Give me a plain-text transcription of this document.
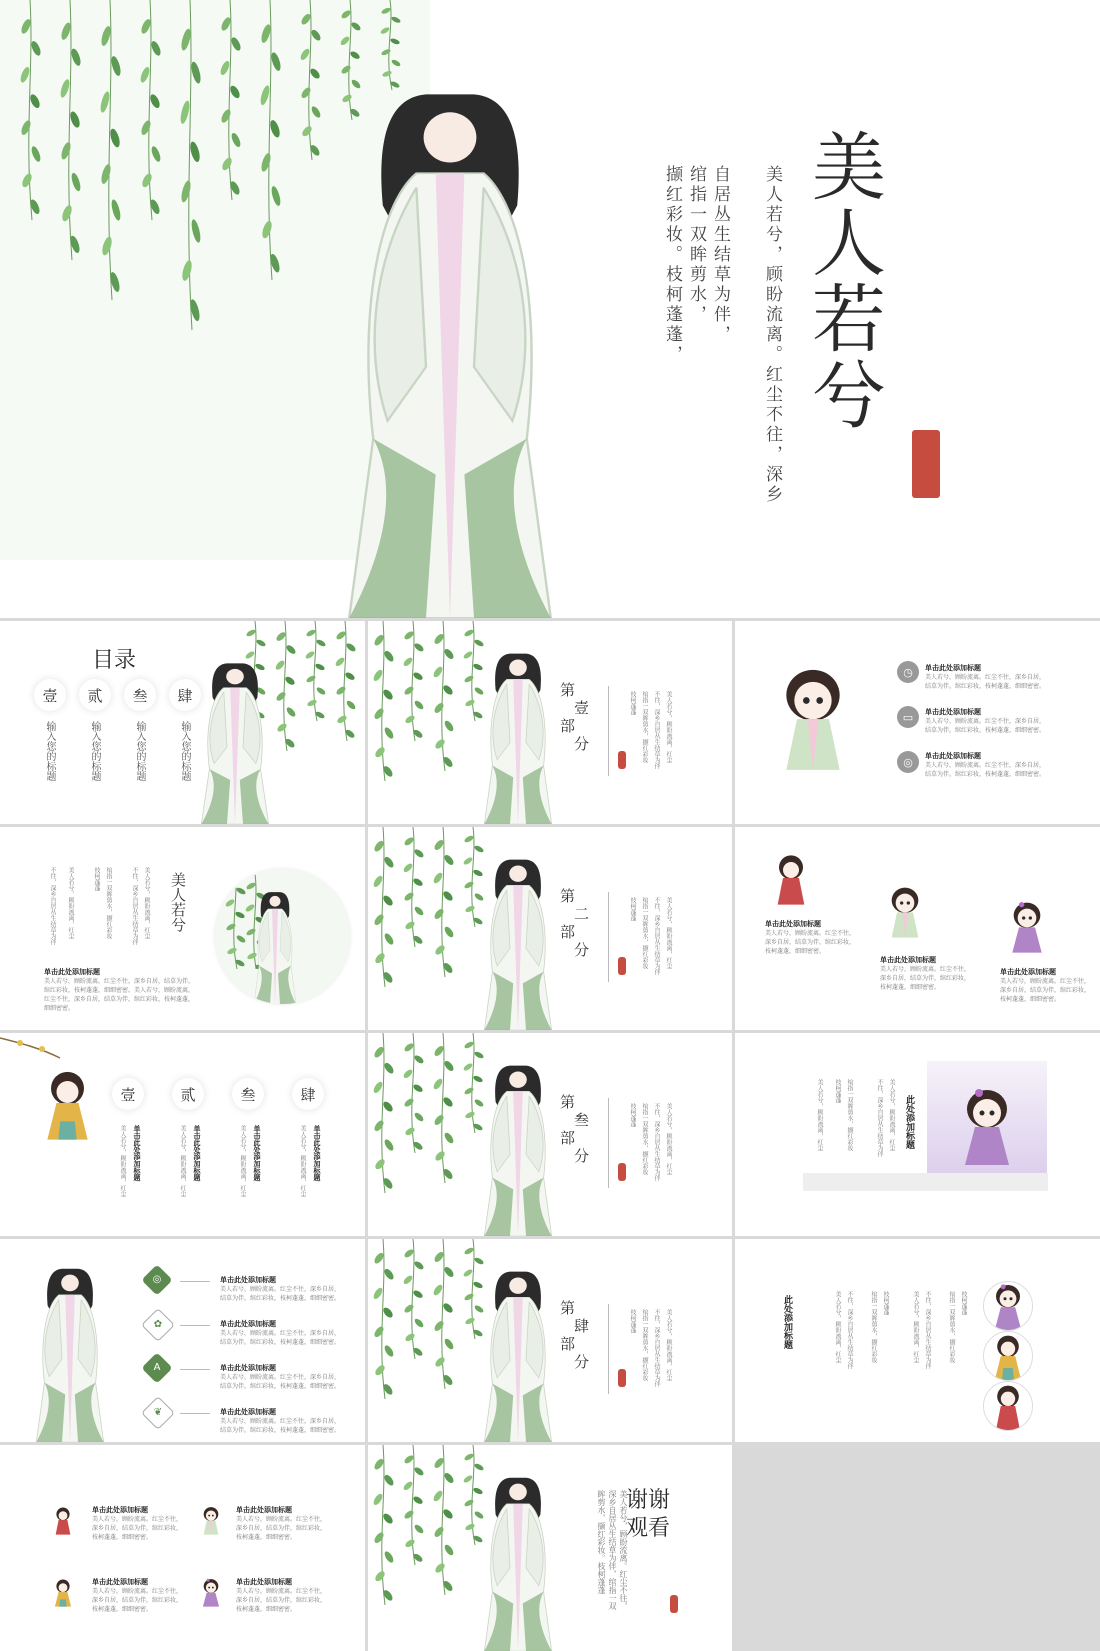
美人若兮
美人若兮，顾盼流离。红尘不往，深乡
自居丛生结草为伴，
绾指一双眸剪水，
撷红彩妆。枝柯蓬蓬，
目录
壹	贰	叁	肆
输入您的标题	输入您的标题	输入您的标题	输入您的标题
第
壹
部
分	美人若兮，顾盼流离，红尘
不往，深乡自居丛生结草为伴
绾指一双眸剪水，撷红彩妆
枝柯蓬蓬
◷
▭
◎
单击此处添加标题
美人若兮，顾盼流离。红尘不往，深乡自居，结草为伴，绾红彩妆，枝柯蓬蓬，细细密密。
单击此处添加标题
美人若兮，顾盼流离。红尘不往，深乡自居，结草为伴，绾红彩妆，枝柯蓬蓬，细细密密。
单击此处添加标题
美人若兮，顾盼流离。红尘不往，深乡自居，结草为伴，绾红彩妆，枝柯蓬蓬，细细密密。
美人若兮
美人若兮，顾盼流离，红尘
不往，深乡自居丛生结草为伴
绾指一双眸剪水，撷红彩妆
枝柯蓬蓬
美人若兮，顾盼流离，红尘
不往，深乡自居丛生结草为伴
单击此处添加标题
美人若兮，顾盼流离，红尘不往，深乡自居，结草为伴，绾红彩妆，枝柯蓬蓬，细细密密。美人若兮，顾盼流离，红尘不往，深乡自居，结草为伴，绾红彩妆，枝柯蓬蓬，细细密密。
第
二
部
分	美人若兮，顾盼流离，红尘
不往，深乡自居丛生结草为伴
绾指一双眸剪水，撷红彩妆
枝柯蓬蓬
单击此处添加标题
美人若兮，顾盼流离。红尘不往，深乡自居，结草为伴，绾红彩妆，枝柯蓬蓬，细细密密。
单击此处添加标题
美人若兮，顾盼流离。红尘不往，深乡自居，结草为伴，绾红彩妆，枝柯蓬蓬，细细密密。
单击此处添加标题
美人若兮，顾盼流离。红尘不往，深乡自居，结草为伴，绾红彩妆，枝柯蓬蓬，细细密密。
壹	贰	叁	肆
单击此处添加标题	单击此处添加标题	单击此处添加标题	单击此处添加标题
美人若兮，顾盼流离，红尘	美人若兮，顾盼流离，红尘	美人若兮，顾盼流离，红尘	美人若兮，顾盼流离，红尘
第
叁
部
分	美人若兮，顾盼流离，红尘
不往，深乡自居丛生结草为伴
绾指一双眸剪水，撷红彩妆
枝柯蓬蓬	此处添加标题
美人若兮，顾盼流离，红尘
不往，深乡自居丛生结草为伴
绾指一双眸剪水，撷红彩妆
枝柯蓬蓬
美人若兮，顾盼流离，红尘
◎
✿
A
❦
单击此处添加标题
美人若兮，顾盼流离。红尘不往，深乡自居，结草为伴，绾红彩妆，枝柯蓬蓬，细细密密。
单击此处添加标题
美人若兮，顾盼流离。红尘不往，深乡自居，结草为伴，绾红彩妆，枝柯蓬蓬，细细密密。
单击此处添加标题
美人若兮，顾盼流离。红尘不往，深乡自居，结草为伴，绾红彩妆，枝柯蓬蓬，细细密密。
单击此处添加标题
美人若兮，顾盼流离。红尘不往，深乡自居，结草为伴，绾红彩妆，枝柯蓬蓬，细细密密。
第
肆
部
分	美人若兮，顾盼流离，红尘
不往，深乡自居丛生结草为伴
绾指一双眸剪水，撷红彩妆
枝柯蓬蓬	此处添加标题	美人若兮，顾盼流离，红尘 不往，深乡自居丛生结草为伴	绾指一双眸剪水，撷红彩妆 枝柯蓬蓬	美人若兮，顾盼流离，红尘 不往，深乡自居丛生结草为伴	绾指一双眸剪水，撷红彩妆 枝柯蓬蓬
单击此处添加标题
美人若兮，顾盼流离。红尘不往，深乡自居，结草为伴，绾红彩妆，枝柯蓬蓬，细细密密。
单击此处添加标题
美人若兮，顾盼流离。红尘不往，深乡自居，结草为伴，绾红彩妆，枝柯蓬蓬，细细密密。
单击此处添加标题
美人若兮，顾盼流离。红尘不往，深乡自居，结草为伴，绾红彩妆，枝柯蓬蓬，细细密密。
单击此处添加标题
美人若兮，顾盼流离。红尘不往，深乡自居，结草为伴，绾红彩妆，枝柯蓬蓬，细细密密。
谢谢观看
美人若兮，顾盼流离。红尘不往，深乡自居丛生结草为伴，绾指一双眸剪水，撷红彩妆。枝柯蓬蓬
